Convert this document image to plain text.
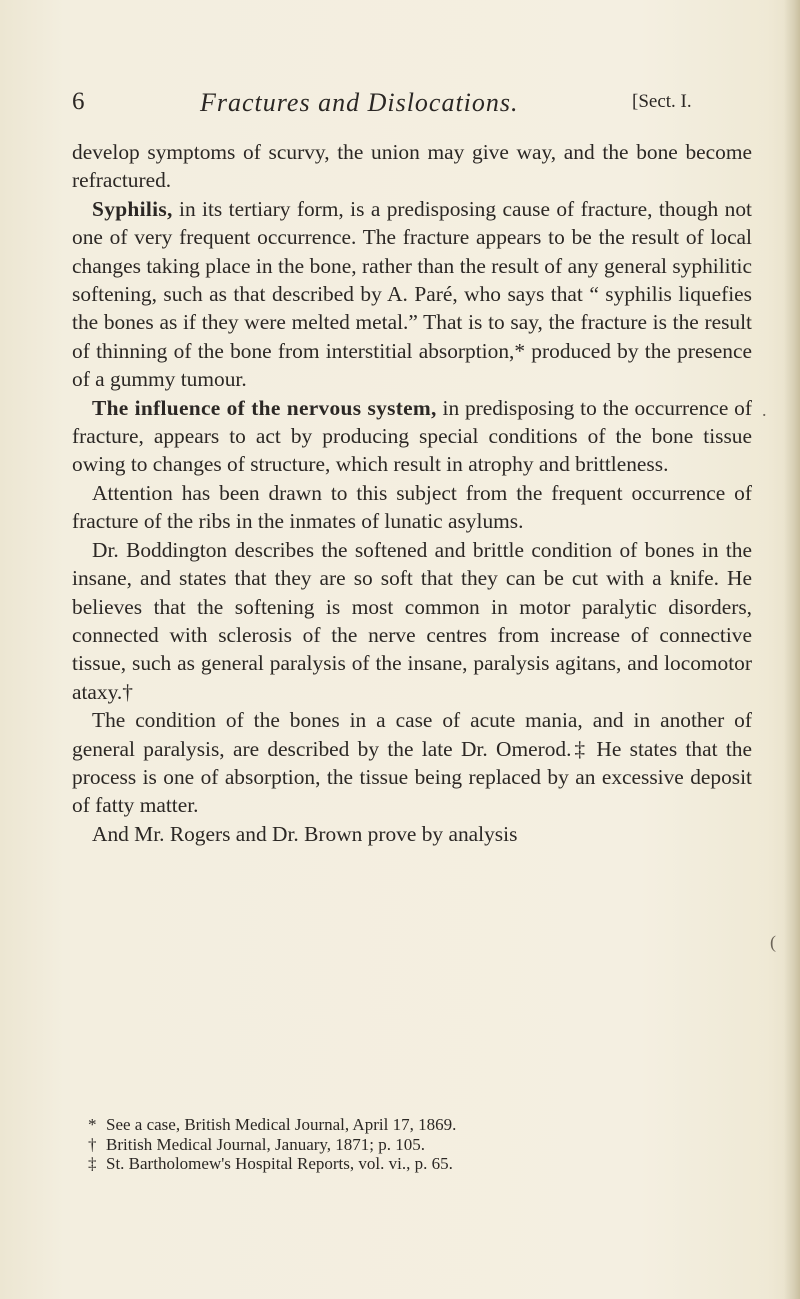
6	Fractures and Dislocations.	[Sect. I.

develop symptoms of scurvy, the union may give way, and the bone become refractured.

Syphilis, in its tertiary form, is a predisposing cause of fracture, though not one of very frequent occurrence. The fracture appears to be the result of local changes taking place in the bone, rather than the result of any general syphilitic softening, such as that described by A. Paré, who says that “ syphilis liquefies the bones as if they were melted metal.” That is to say, the fracture is the result of thinning of the bone from interstitial absorption,* produced by the presence of a gummy tumour.

The influence of the nervous system, in predisposing to the occurrence of fracture, appears to act by producing special conditions of the bone tissue owing to changes of structure, which result in atrophy and brittleness.

Attention has been drawn to this subject from the frequent occurrence of fracture of the ribs in the inmates of lunatic asylums.

Dr. Boddington describes the softened and brittle condition of bones in the insane, and states that they are so soft that they can be cut with a knife. He believes that the softening is most common in motor paralytic disorders, connected with sclerosis of the nerve centres from increase of connective tissue, such as general paralysis of the insane, paralysis agitans, and locomotor ataxy.†

The condition of the bones in a case of acute mania, and in another of general paralysis, are described by the late Dr. Omerod.‡ He states that the process is one of absorption, the tissue being replaced by an excessive deposit of fatty matter.

And Mr. Rogers and Dr. Brown prove by analysis

* See a case, British Medical Journal, April 17, 1869.
† British Medical Journal, January, 1871; p. 105.
‡ St. Bartholomew's Hospital Reports, vol. vi., p. 65.
.
(
